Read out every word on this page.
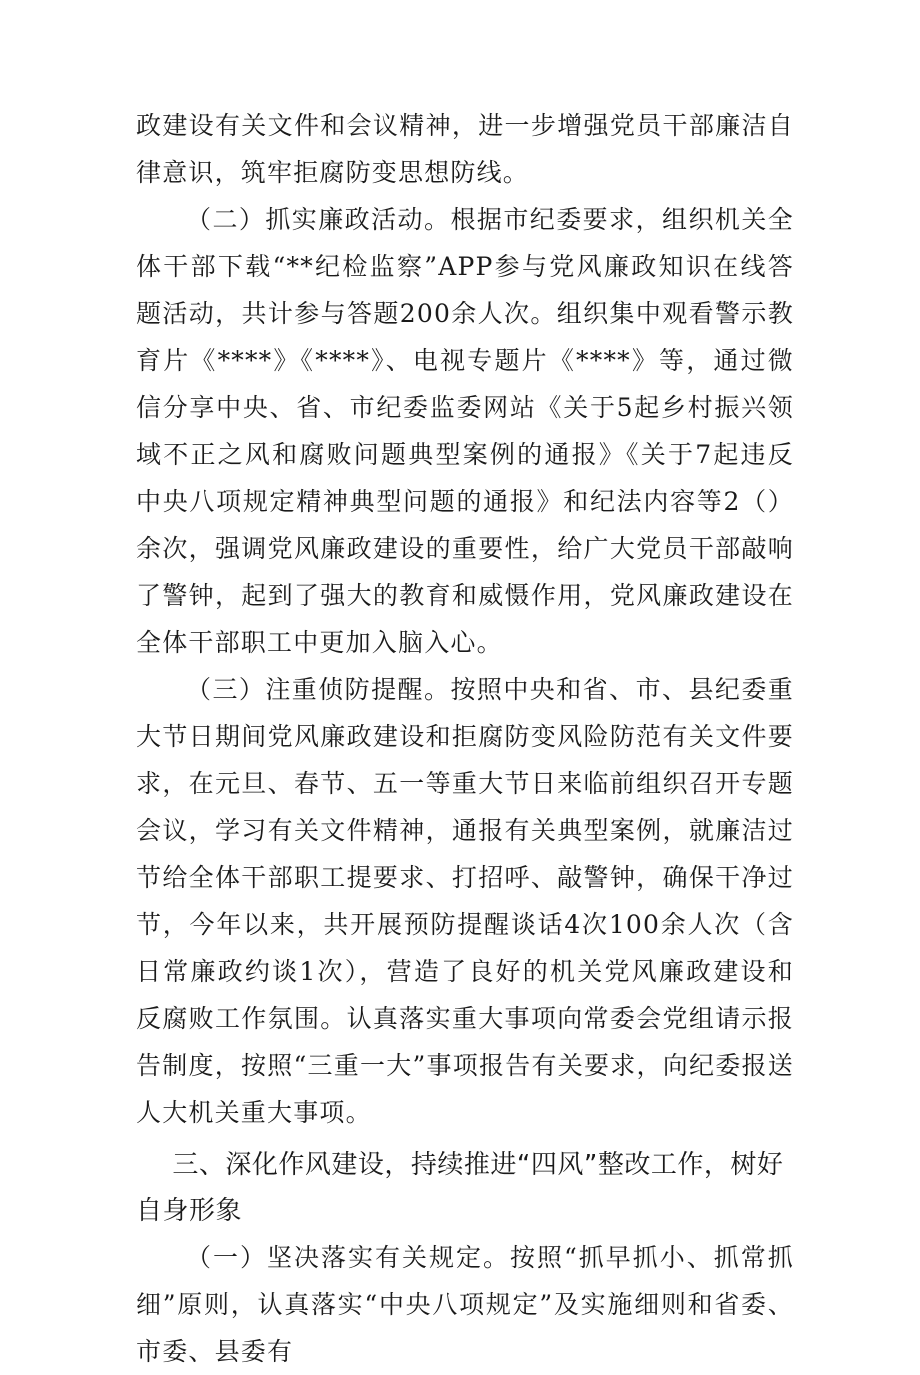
政建设有关文件和会议精神，进一步增强党员干部廉洁自律意识，筑牢拒腐防变思想防线。

（二）抓实廉政活动。根据市纪委要求，组织机关全体干部下载“**纪检监察”APP参与党风廉政知识在线答题活动，共计参与答题200余人次。组织集中观看警示教育片《****》《****》、电视专题片《****》等，通过微信分享中央、省、市纪委监委网站《关于5起乡村振兴领域不正之风和腐败问题典型案例的通报》《关于7起违反中央八项规定精神典型问题的通报》和纪法内容等2（）余次，强调党风廉政建设的重要性，给广大党员干部敲响了警钟，起到了强大的教育和威慑作用，党风廉政建设在全体干部职工中更加入脑入心。

（三）注重侦防提醒。按照中央和省、市、县纪委重大节日期间党风廉政建设和拒腐防变风险防范有关文件要求，在元旦、春节、五一等重大节日来临前组织召开专题会议，学习有关文件精神，通报有关典型案例，就廉洁过节给全体干部职工提要求、打招呼、敲警钟，确保干净过节，今年以来，共开展预防提醒谈话4次100余人次（含日常廉政约谈1次），营造了良好的机关党风廉政建设和反腐败工作氛围。认真落实重大事项向常委会党组请示报告制度，按照“三重一大”事项报告有关要求，向纪委报送人大机关重大事项。

三、深化作风建设，持续推进“四风”整改工作，树好自身形象

（一）坚决落实有关规定。按照“抓早抓小、抓常抓细”原则，认真落实“中央八项规定”及实施细则和省委、市委、县委有
